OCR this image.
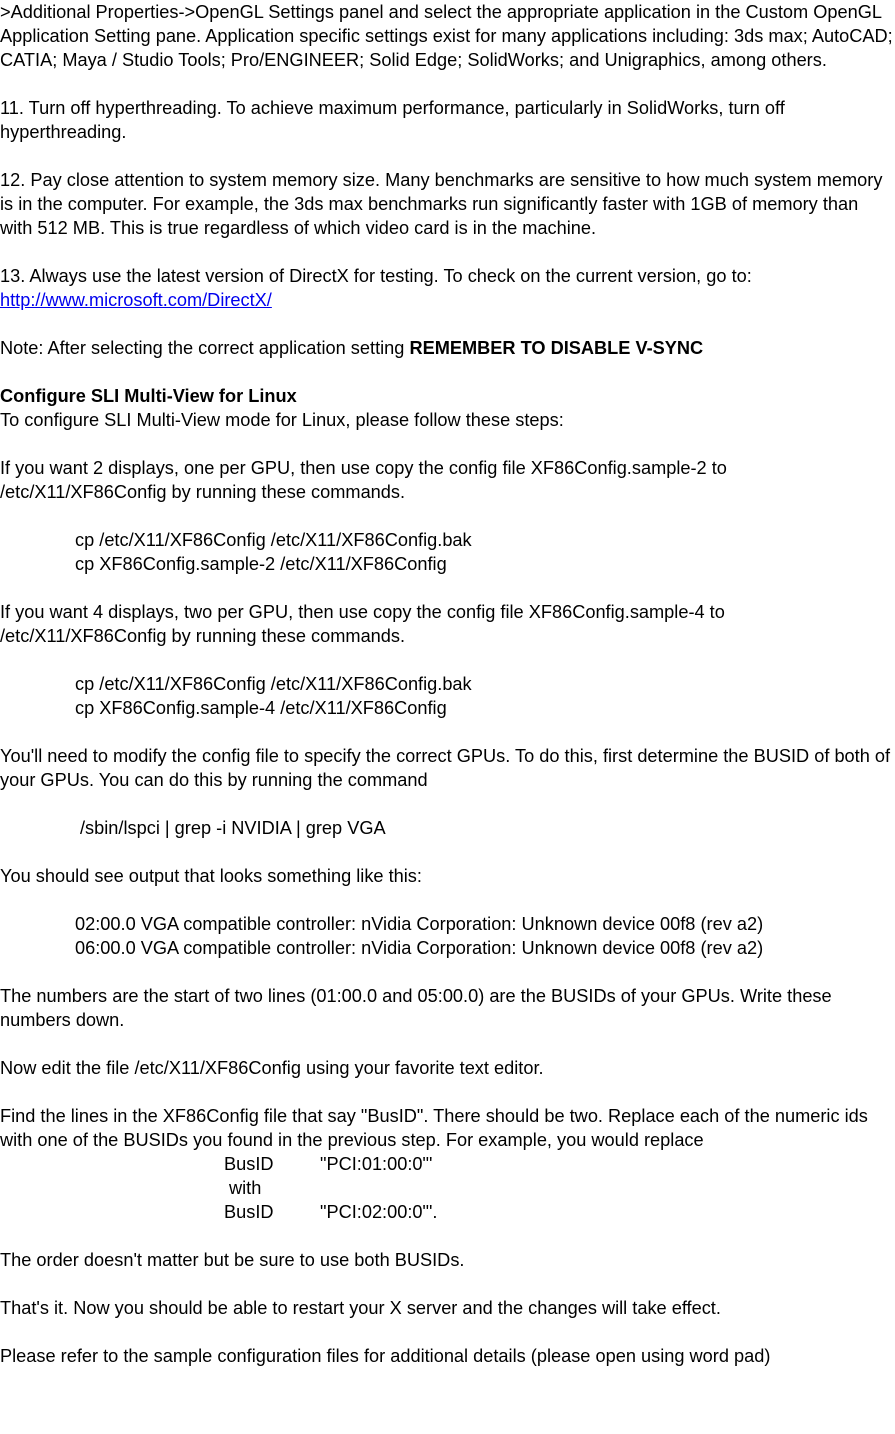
>Additional Properties->OpenGL Settings panel and select the appropriate application in the Custom OpenGL Application Setting pane. Application specific settings exist for many applications including: 3ds max; AutoCAD; CATIA; Maya / Studio Tools; Pro/ENGINEER; Solid Edge; SolidWorks; and Unigraphics, among others.

11. Turn off hyperthreading. To achieve maximum performance, particularly in SolidWorks, turn off hyperthreading.

12. Pay close attention to system memory size. Many benchmarks are sensitive to how much system memory is in the computer. For example, the 3ds max benchmarks run significantly faster with 1GB of memory than with 512 MB. This is true regardless of which video card is in the machine.

13. Always use the latest version of DirectX for testing. To check on the current version, go to:
http://www.microsoft.com/DirectX/

Note: After selecting the correct application setting REMEMBER TO DISABLE V-SYNC

Configure SLI Multi-View for Linux
To configure SLI Multi-View mode for Linux, please follow these steps:

If you want 2 displays, one per GPU, then use copy the config file XF86Config.sample-2 to /etc/X11/XF86Config by running these commands.

cp /etc/X11/XF86Config /etc/X11/XF86Config.bak
cp XF86Config.sample-2 /etc/X11/XF86Config

If you want 4 displays, two per GPU, then use copy the config file XF86Config.sample-4 to /etc/X11/XF86Config by running these commands.

cp /etc/X11/XF86Config /etc/X11/XF86Config.bak
cp XF86Config.sample-4 /etc/X11/XF86Config

You'll need to modify the config file to specify the correct GPUs. To do this, first determine the BUSID of both of your GPUs. You can do this by running the command

/sbin/lspci | grep -i NVIDIA | grep VGA

You should see output that looks something like this:

02:00.0 VGA compatible controller: nVidia Corporation: Unknown device 00f8 (rev a2)
06:00.0 VGA compatible controller: nVidia Corporation: Unknown device 00f8 (rev a2)

The numbers are the start of two lines (01:00.0 and 05:00.0) are the BUSIDs of your GPUs. Write these numbers down.

Now edit the file /etc/X11/XF86Config using your favorite text editor.

Find the lines in the XF86Config file that say "BusID". There should be two. Replace each of the numeric ids with one of the BUSIDs you found in the previous step. For example, you would replace

BusID	"PCI:01:00:0"'
with
BusID	"PCI:02:00:0"'.

The order doesn't matter but be sure to use both BUSIDs.

That's it. Now you should be able to restart your X server and the changes will take effect.

Please refer to the sample configuration files for additional details (please open using word pad)
